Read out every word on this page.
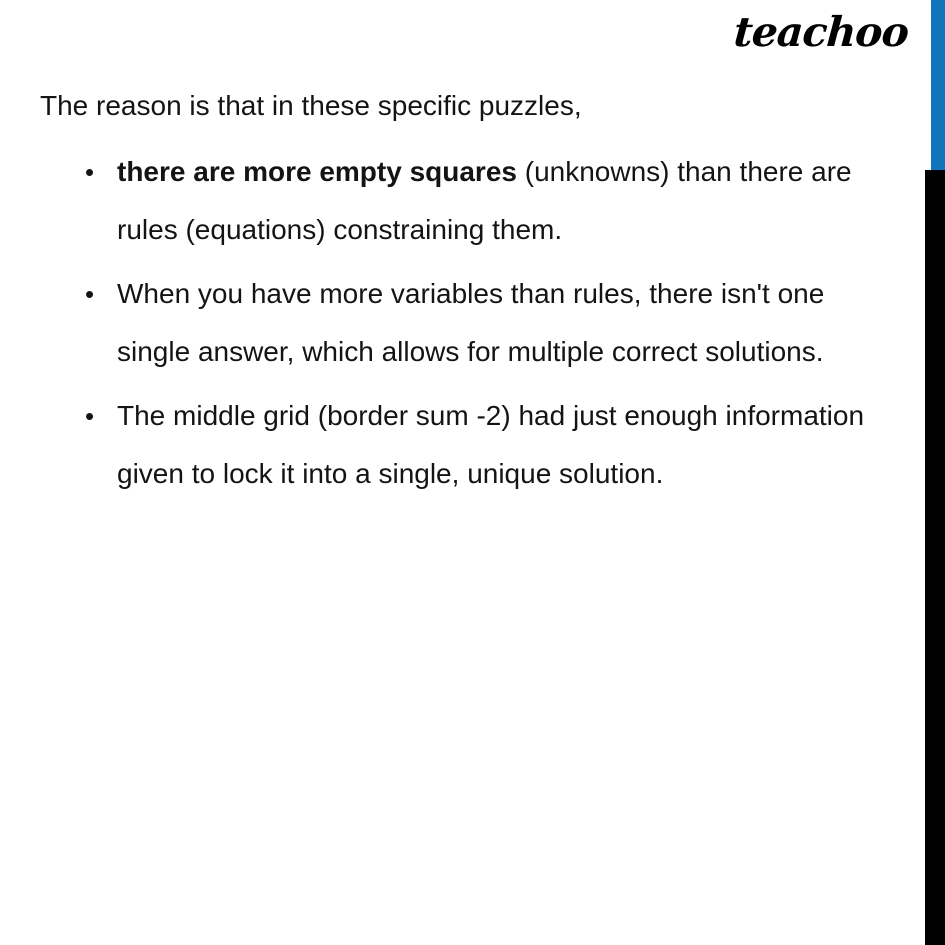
teachoo
The reason is that in these specific puzzles,
• there are more empty squares (unknowns) than there are
rules (equations) constraining them.
• When you have more variables than rules, there isn't one
single answer, which allows for multiple correct solutions.
• The middle grid (border sum -2) had just enough information
given to lock it into a single, unique solution.
